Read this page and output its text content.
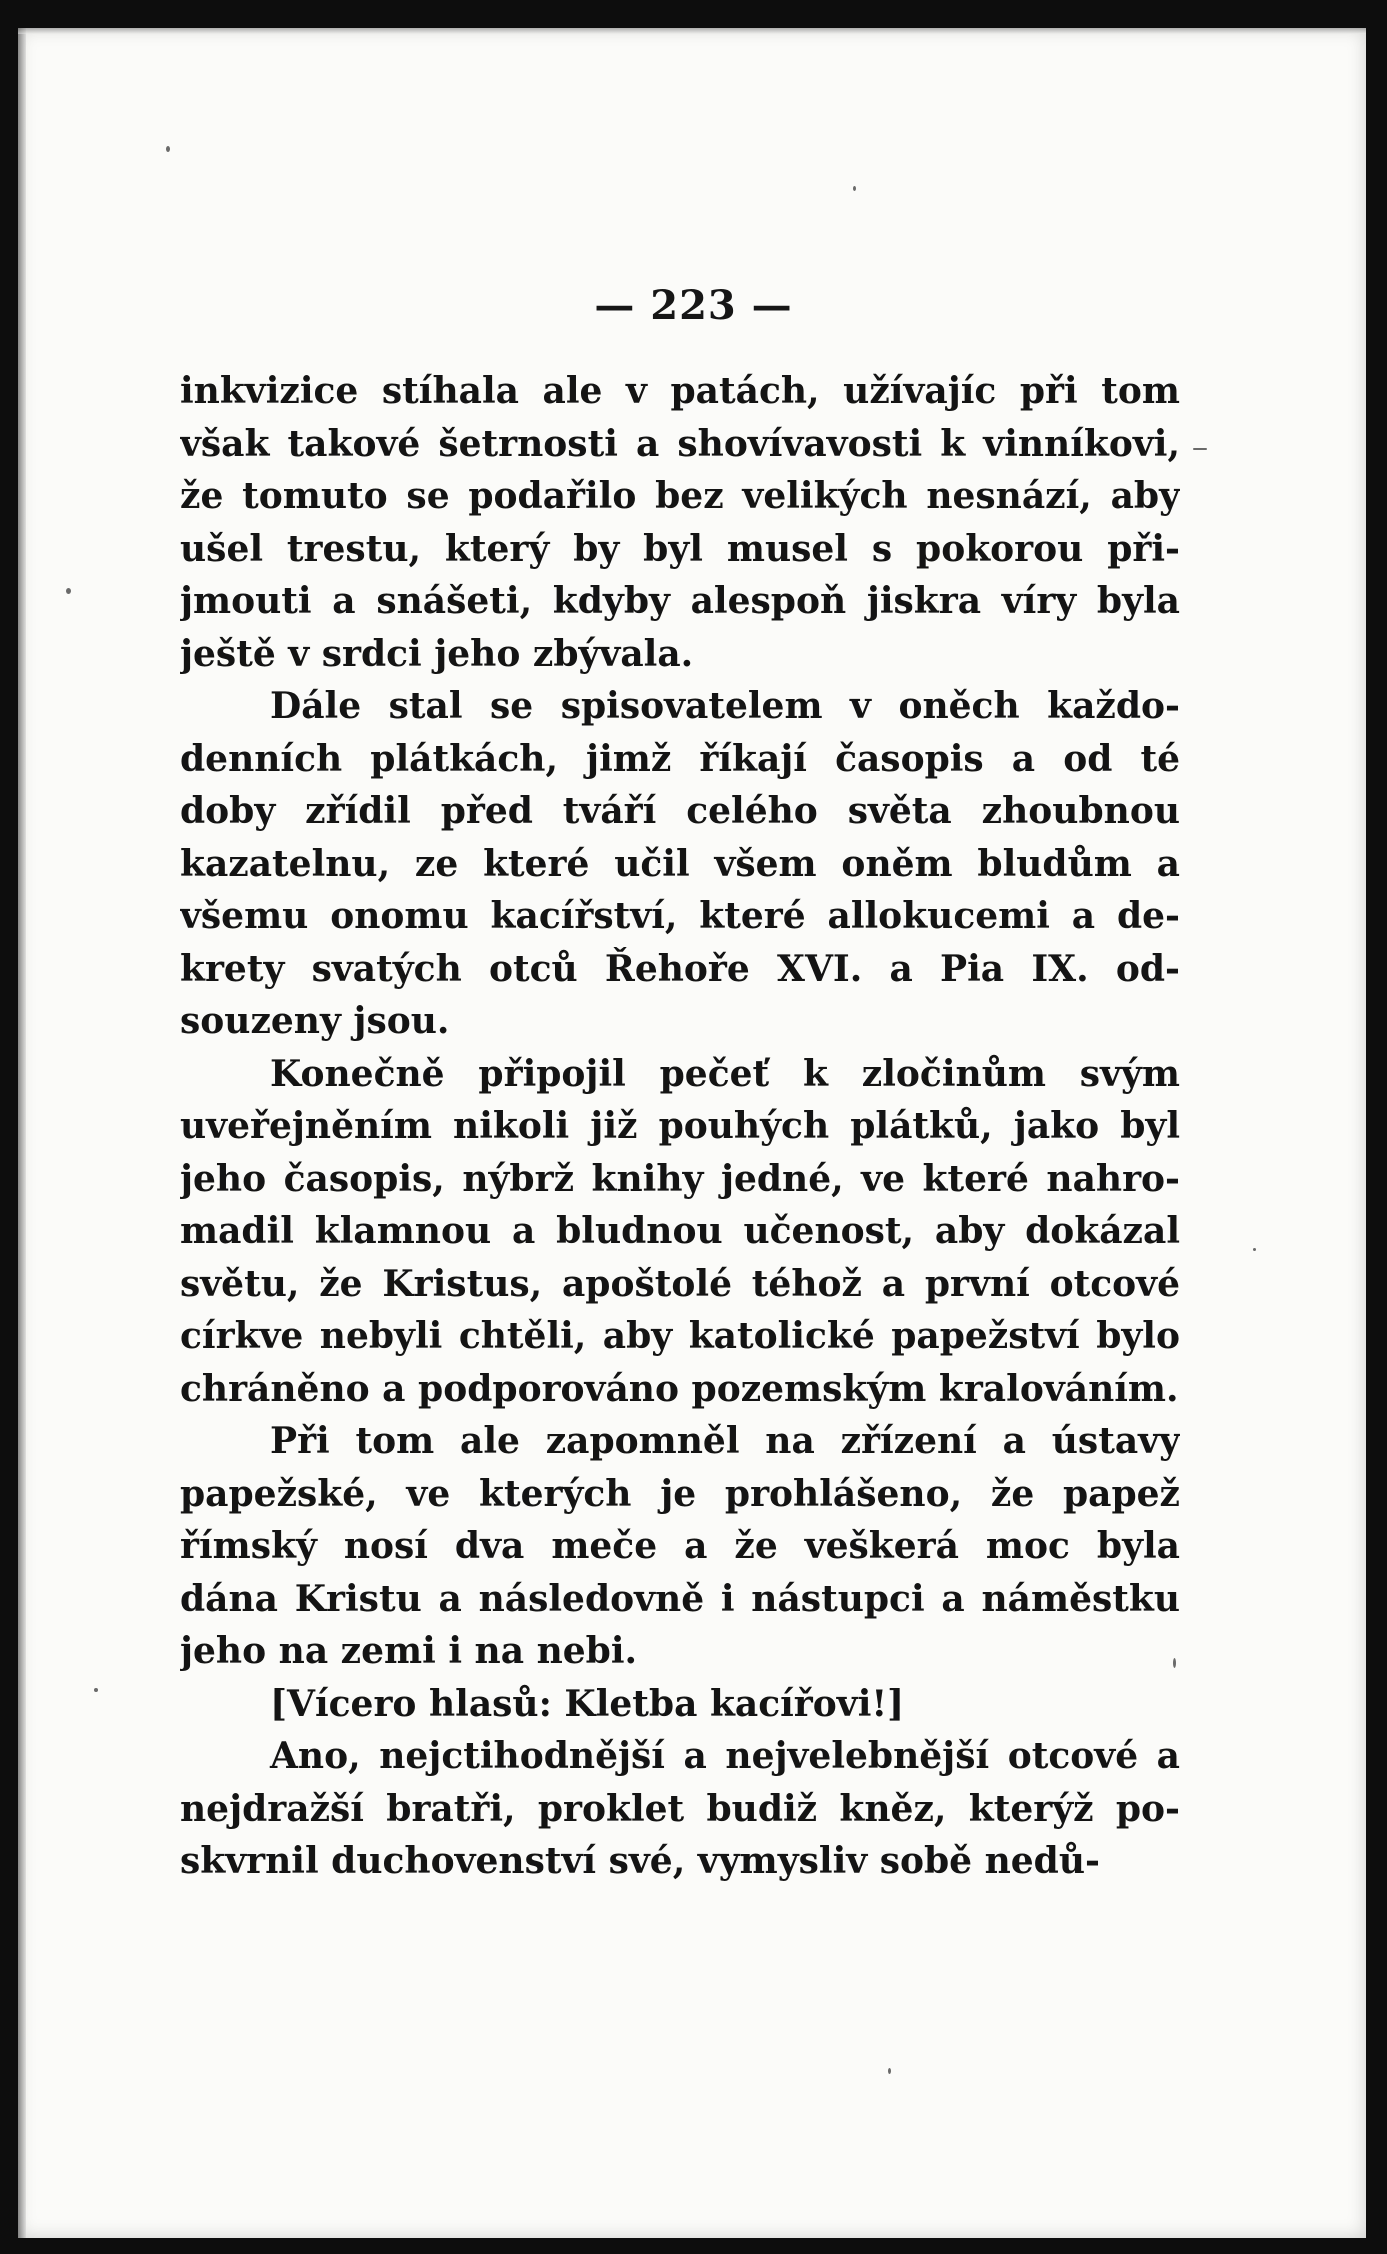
— 223 —
inkvizice stíhala ale v patách, užívajíc při tom
však takové šetrnosti a shovívavosti k vinníkovi,
že tomuto se podařilo bez velikých nesnází, aby
ušel trestu, který by byl musel s pokorou při-
jmouti a snášeti, kdyby alespoň jiskra víry byla
ještě v srdci jeho zbývala.
Dále stal se spisovatelem v oněch každo-
denních plátkách, jimž říkají časopis a od té
doby zřídil před tváří celého světa zhoubnou
kazatelnu, ze které učil všem oněm bludům a
všemu onomu kacířství, které allokucemi a de-
krety svatých otců Řehoře XVI. a Pia IX. od-
souzeny jsou.
Konečně připojil pečeť k zločinům svým
uveřejněním nikoli již pouhých plátků, jako byl
jeho časopis, nýbrž knihy jedné, ve které nahro-
madil klamnou a bludnou učenost, aby dokázal
světu, že Kristus, apoštolé téhož a první otcové
církve nebyli chtěli, aby katolické papežství bylo
chráněno a podporováno pozemským kralováním.
Při tom ale zapomněl na zřízení a ústavy
papežské, ve kterých je prohlášeno, že papež
římský nosí dva meče a že veškerá moc byla
dána Kristu a následovně i nástupci a náměstku
jeho na zemi i na nebi.
[Vícero hlasů: Kletba kacířovi!]
Ano, nejctihodnější a nejvelebnější otcové a
nejdražší bratři, proklet budiž kněz, kterýž po-
skvrnil duchovenství své, vymysliv sobě nedů-
